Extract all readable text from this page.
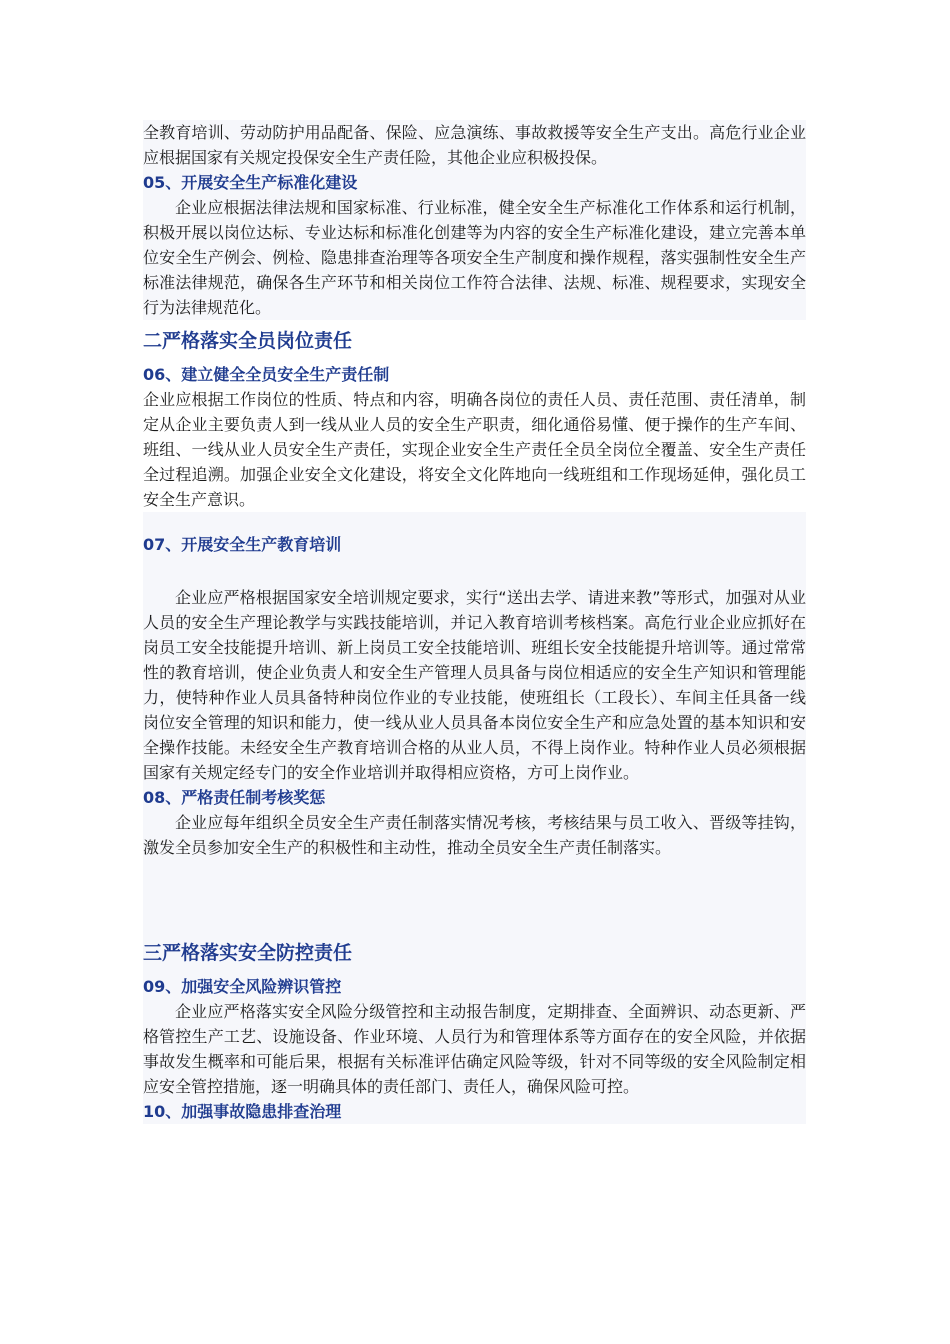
全教育培训、劳动防护用品配备、保险、应急演练、事故救援等安全生产支出。高危行业企业应根据国家有关规定投保安全生产责任险，其他企业应积极投保。

05、开展安全生产标准化建设

企业应根据法律法规和国家标准、行业标准，健全安全生产标准化工作体系和运行机制，积极开展以岗位达标、专业达标和标准化创建等为内容的安全生产标准化建设，建立完善本单位安全生产例会、例检、隐患排查治理等各项安全生产制度和操作规程，落实强制性安全生产标准法律规范，确保各生产环节和相关岗位工作符合法律、法规、标准、规程要求，实现安全行为法律规范化。

二严格落实全员岗位责任

06、建立健全全员安全生产责任制

企业应根据工作岗位的性质、特点和内容，明确各岗位的责任人员、责任范围、责任清单，制定从企业主要负责人到一线从业人员的安全生产职责，细化通俗易懂、便于操作的生产车间、班组、一线从业人员安全生产责任，实现企业安全生产责任全员全岗位全覆盖、安全生产责任全过程追溯。加强企业安全文化建设，将安全文化阵地向一线班组和工作现场延伸，强化员工安全生产意识。

07、开展安全生产教育培训

企业应严格根据国家安全培训规定要求，实行“送出去学、请进来教”等形式，加强对从业人员的安全生产理论教学与实践技能培训，并记入教育培训考核档案。高危行业企业应抓好在岗员工安全技能提升培训、新上岗员工安全技能培训、班组长安全技能提升培训等。通过常常性的教育培训，使企业负责人和安全生产管理人员具备与岗位相适应的安全生产知识和管理能力，使特种作业人员具备特种岗位作业的专业技能，使班组长（工段长）、车间主任具备一线岗位安全管理的知识和能力，使一线从业人员具备本岗位安全生产和应急处置的基本知识和安全操作技能。未经安全生产教育培训合格的从业人员，不得上岗作业。特种作业人员必须根据国家有关规定经专门的安全作业培训并取得相应资格，方可上岗作业。

08、严格责任制考核奖惩

企业应每年组织全员安全生产责任制落实情况考核，考核结果与员工收入、晋级等挂钩，激发全员参加安全生产的积极性和主动性，推动全员安全生产责任制落实。

三严格落实安全防控责任

09、加强安全风险辨识管控

企业应严格落实安全风险分级管控和主动报告制度，定期排查、全面辨识、动态更新、严格管控生产工艺、设施设备、作业环境、人员行为和管理体系等方面存在的安全风险，并依据事故发生概率和可能后果，根据有关标准评估确定风险等级，针对不同等级的安全风险制定相应安全管控措施，逐一明确具体的责任部门、责任人，确保风险可控。

10、加强事故隐患排查治理
